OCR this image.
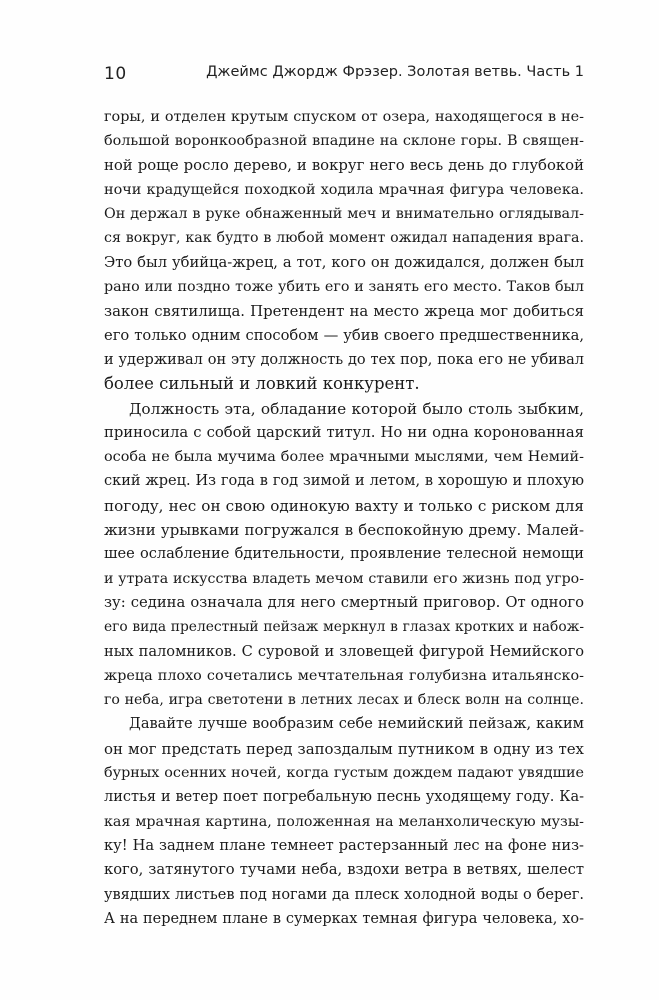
10	Джеймс Джордж Фрэзер. Золотая ветвь. Часть 1
горы, и отделен крутым спуском от озера, находящегося в не-
большой воронкообразной впадине на склоне горы. В священ-
ной роще росло дерево, и вокруг него весь день до глубокой
ночи крадущейся походкой ходила мрачная фигура человека.
Он держал в руке обнаженный меч и внимательно оглядывал-
ся вокруг, как будто в любой момент ожидал нападения врага.
Это был убийца-жрец, а тот, кого он дожидался, должен был
рано или поздно тоже убить его и занять его место. Таков был
закон святилища. Претендент на место жреца мог добиться
его только одним способом — убив своего предшественника,
и удерживал он эту должность до тех пор, пока его не убивал
более сильный и ловкий конкурент.
Должность эта, обладание которой было столь зыбким,
приносила с собой царский титул. Но ни одна коронованная
особа не была мучима более мрачными мыслями, чем Немий-
ский жрец. Из года в год зимой и летом, в хорошую и плохую
погоду, нес он свою одинокую вахту и только с риском для
жизни урывками погружался в беспокойную дрему. Малей-
шее ослабление бдительности, проявление телесной немощи
и утрата искусства владеть мечом ставили его жизнь под угро-
зу: седина означала для него смертный приговор. От одного
его вида прелестный пейзаж меркнул в глазах кротких и набож-
ных паломников. С суровой и зловещей фигурой Немийского
жреца плохо сочетались мечтательная голубизна итальянско-
го неба, игра светотени в летних лесах и блеск волн на солнце.
Давайте лучше вообразим себе немийский пейзаж, каким
он мог предстать перед запоздалым путником в одну из тех
бурных осенних ночей, когда густым дождем падают увядшие
листья и ветер поет погребальную песнь уходящему году. Ка-
кая мрачная картина, положенная на меланхолическую музы-
ку! На заднем плане темнеет растерзанный лес на фоне низ-
кого, затянутого тучами неба, вздохи ветра в ветвях, шелест
увядших листьев под ногами да плеск холодной воды о берег.
А на переднем плане в сумерках темная фигура человека, хо-
